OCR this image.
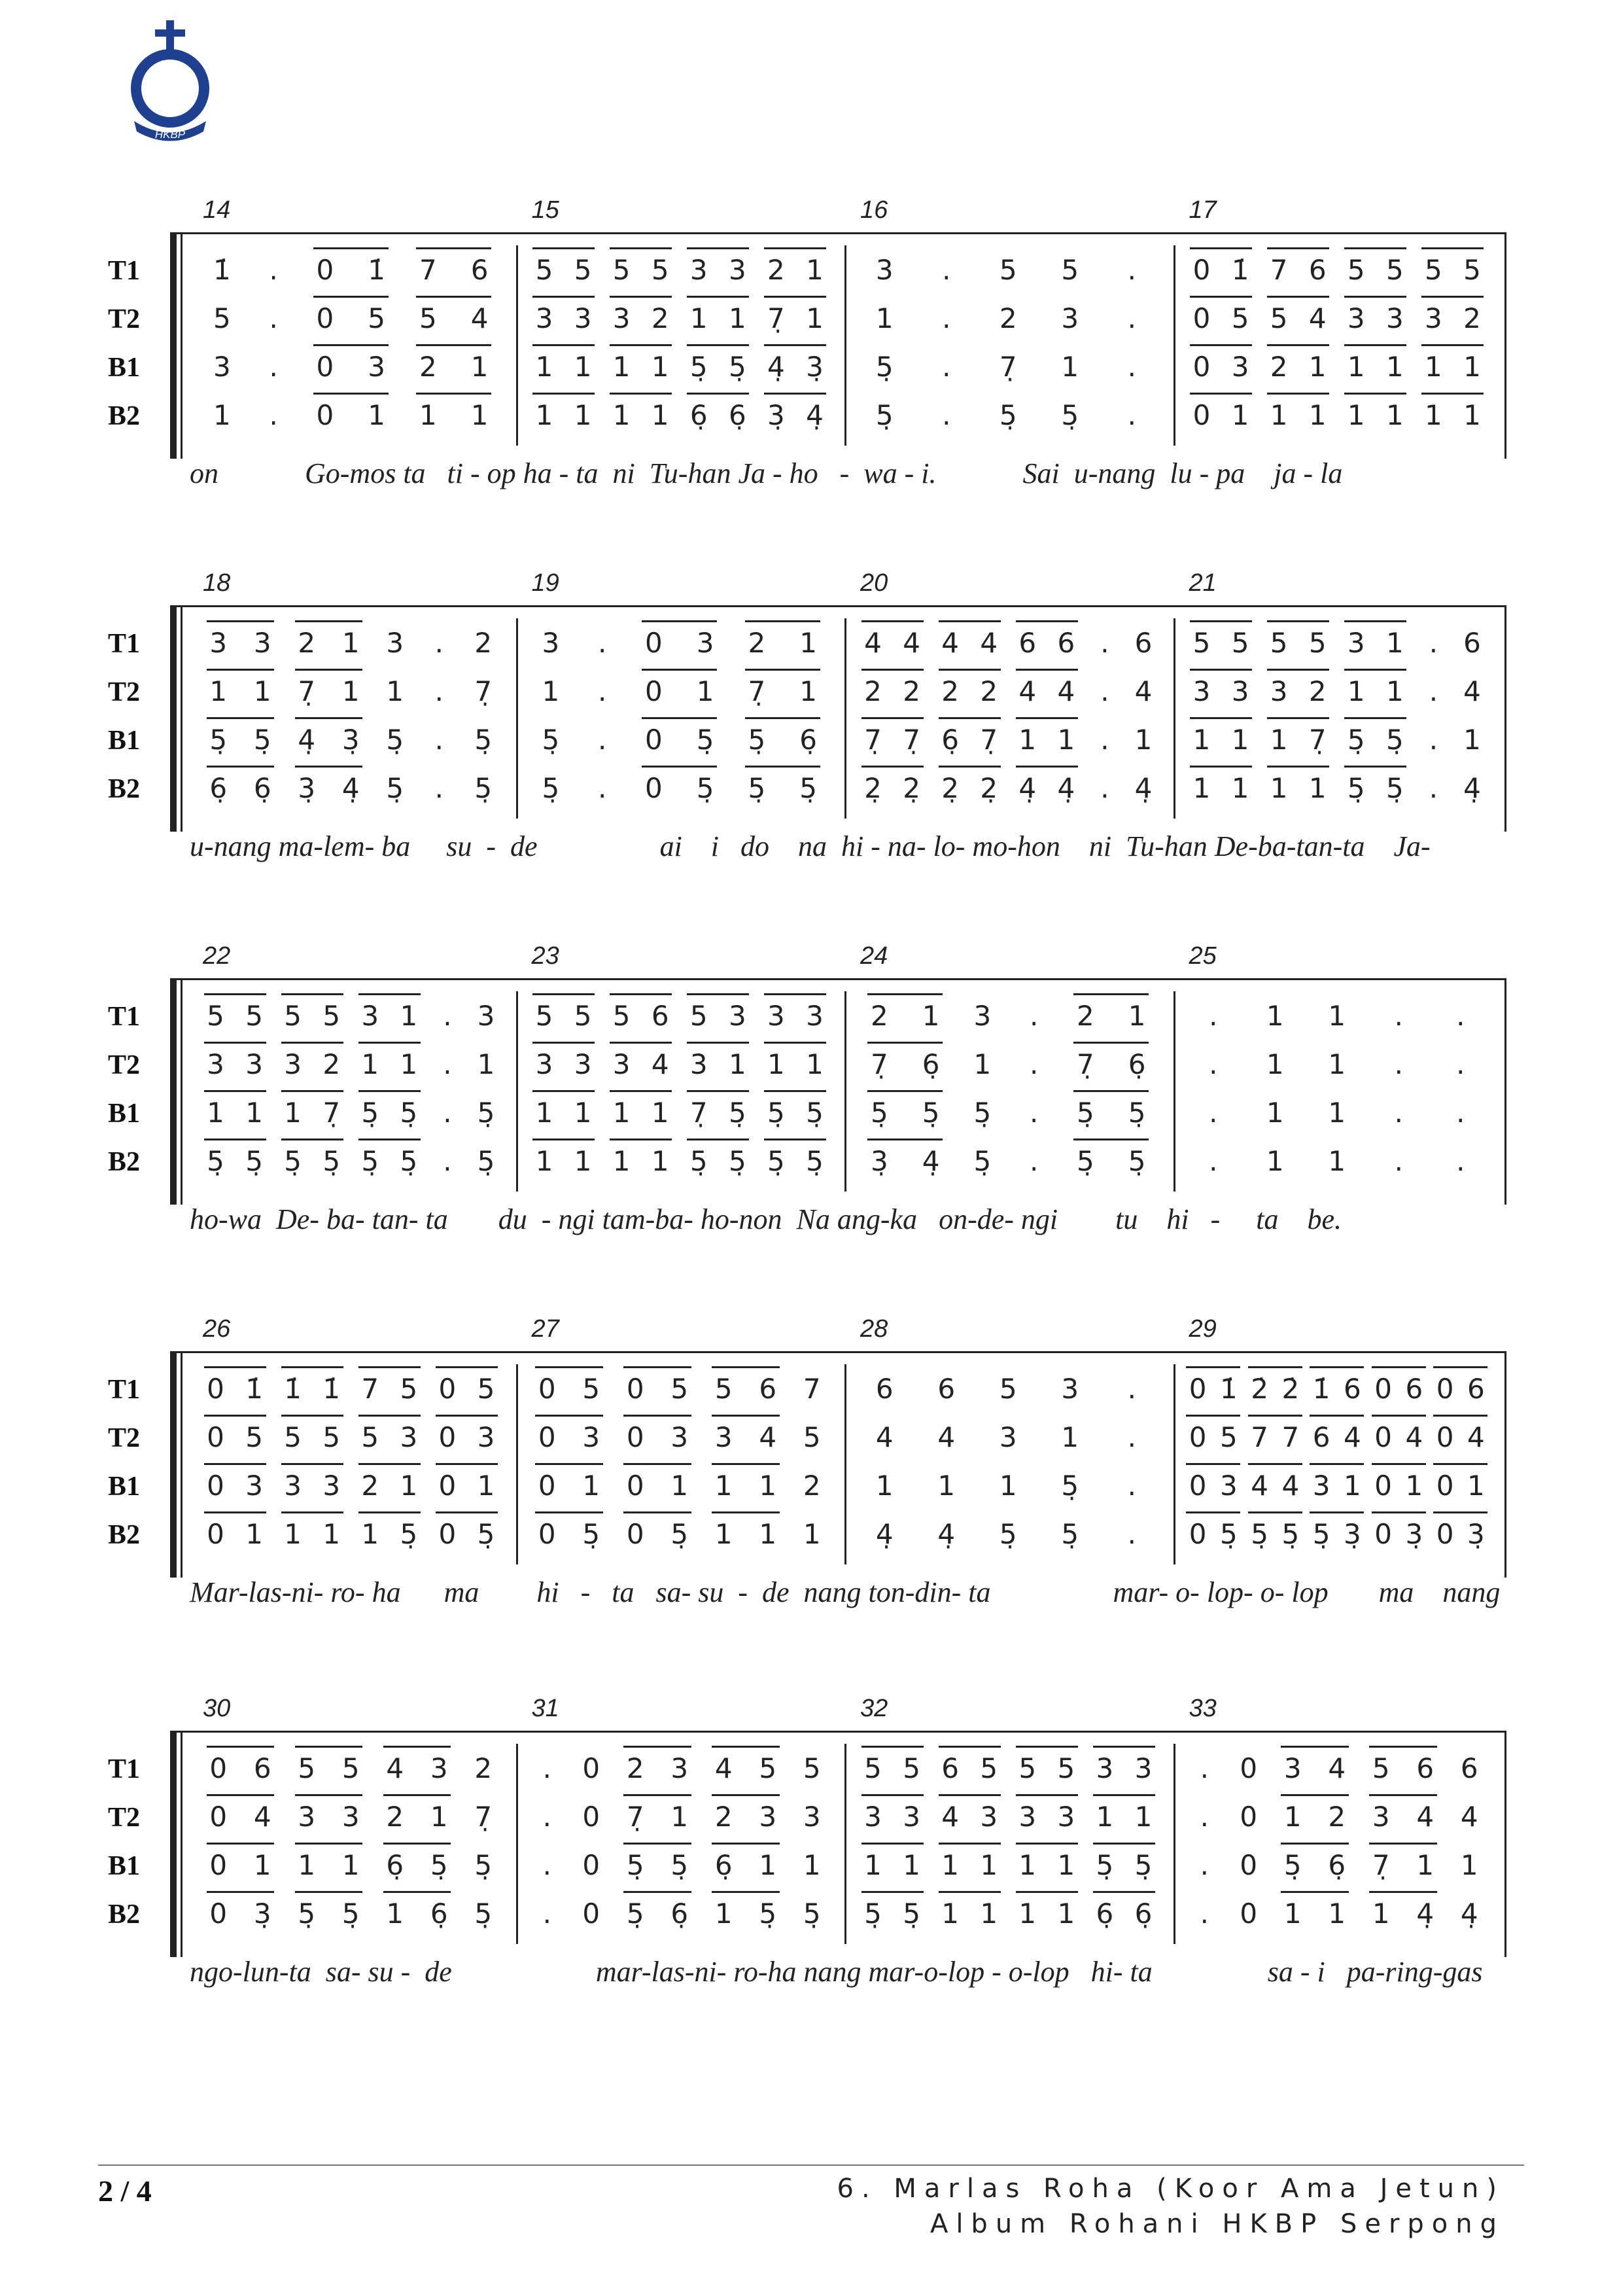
HKBP
T1
T2
B1
B2
14
1̇	.	0	1̇	7	6
5	.	0	5	5	4
3	.	0	3	2	1
1	.	0	1	1	1
15
5 5 5 5 3 3 2 1
3 3 3 2 1 1 7̣ 1
1 1 1 1 5̣ 5̣ 4̣ 3̣
1 1 1 1 6̣ 6̣ 3̣ 4̣
16
3	.	5	5	.
1	.	2	3	.
5̣	.	7̣	1	.
5̣	.	5̣	5̣	.
17
0 1̇ 7 6 5 5 5 5
0 5 5 4 3 3 3 2
0 3 2 1 1 1 1 1
0 1 1 1 1 1 1 1
on            Go-mos ta   ti - op ha - ta  ni  Tu-han Ja - ho   -  wa - i.            Sai  u-nang  lu - pa    ja - la
T1
T2
B1
B2
18
3 3 2 1 3	.	2
1 1 7̣ 1 1	.	7̣
5̣ 5̣ 4̣ 3̣ 5̣	.	5̣
6̣ 6̣ 3̣ 4̣ 5̣	.	5̣
19
3	.	0	3	2	1
1	.	0	1	7̣	1
5̣	.	0	5̣	5̣	6̣
5̣	.	0	5̣	5̣	5̣
20
4 4 4 4 6 6 . 6
2 2 2 2 4 4 . 4
7̣ 7̣ 6̣ 7̣ 1 1 . 1
2̣ 2̣ 2̣ 2̣ 4̣ 4̣ . 4̣
21
5 5 5 5 3 1 . 6
3 3 3 2 1 1 . 4
1 1 1 7̣ 5̣ 5̣ . 1
1 1 1 1 5̣ 5̣ . 4̣
u-nang ma-lem- ba     su  -  de                 ai    i   do    na  hi - na- lo- mo-hon    ni  Tu-han De-ba-tan-ta    Ja-
T1
T2
B1
B2
22
5 5 5 5 3 1 . 3
3 3 3 2 1 1 . 1
1 1 1 7̣ 5̣ 5̣ . 5̣
5̣ 5̣ 5̣ 5̣ 5̣ 5̣ . 5̣
23
5 5 5 6 5 3 3 3
3 3 3 4 3 1 1 1
1 1 1 1 7̣ 5̣ 5̣ 5̣
1 1 1 1 5̣ 5̣ 5̣ 5̣
24
2	1	3	.	2	1
7̣	6̣	1	.	7̣	6̣
5̣	5̣	5̣	.	5̣	5̣
3̣	4̣	5̣	.	5̣	5̣
25
.	1	1	.	.
.	1	1	.	.
.	1	1	.	.
.	1	1	.	.
ho-wa  De- ba- tan- ta       du  - ngi tam-ba- ho-non  Na ang-ka   on-de- ngi        tu    hi   -     ta    be.
T1
T2
B1
B2
26
0 1̇ 1̇ 1̇ 7 5 0 5
0 5 5 5 5 3 0 3
0 3 3 3 2 1 0 1
0 1 1 1 1 5̣ 0 5̣
27
0 5 0 5 5 6 7
0 3 0 3 3 4 5
0 1 0 1 1 1 2
0 5̣ 0 5̣ 1 1 1
28
6	6	5	3	.
4	4	3	1	.
1	1	1	5̣	.
4̣	4̣	5̣	5̣	.
29
0 1̇ 2̇ 2̇ 1̇ 6 0 6 0 6
0 5 7 7 6 4 0 4 0 4
0 3 4 4 3 1 0 1 0 1
0 5̣ 5̣ 5̣ 5̣ 3̣ 0 3̣ 0 3̣
Mar-las-ni- ro- ha      ma        hi   -   ta   sa- su  -  de  nang ton-din- ta                 mar- o- lop- o- lop       ma    nang
T1
T2
B1
B2
30
0 6 5 5 4 3 2
0 4 3 3 2 1 7̣
0 1 1 1 6̣ 5̣ 5̣
0 3̣ 5̣ 5̣ 1 6̣ 5̣
31
.	0 2 3 4 5 5
.	0 7̣ 1 2 3 3
.	0 5̣ 5̣ 6̣ 1 1
.	0 5̣ 6̣ 1 5̣ 5̣
32
5 5 6 5 5 5 3 3
3 3 4 3 3 3 1 1
1 1 1 1 1 1 5̣ 5̣
5̣ 5̣ 1 1 1 1 6̣ 6̣
33
.	0 3 4 5 6 6
.	0 1 2 3 4 4
.	0 5̣ 6̣ 7̣ 1 1
.	0 1 1 1 4̣ 4̣
ngo-lun-ta  sa- su -  de                    mar-las-ni- ro-ha nang mar-o-lop - o-lop   hi- ta                sa - i   pa-ring-gas
2 / 4	6. Marlas Roha (Koor Ama Jetun)
Album Rohani HKBP Serpong
